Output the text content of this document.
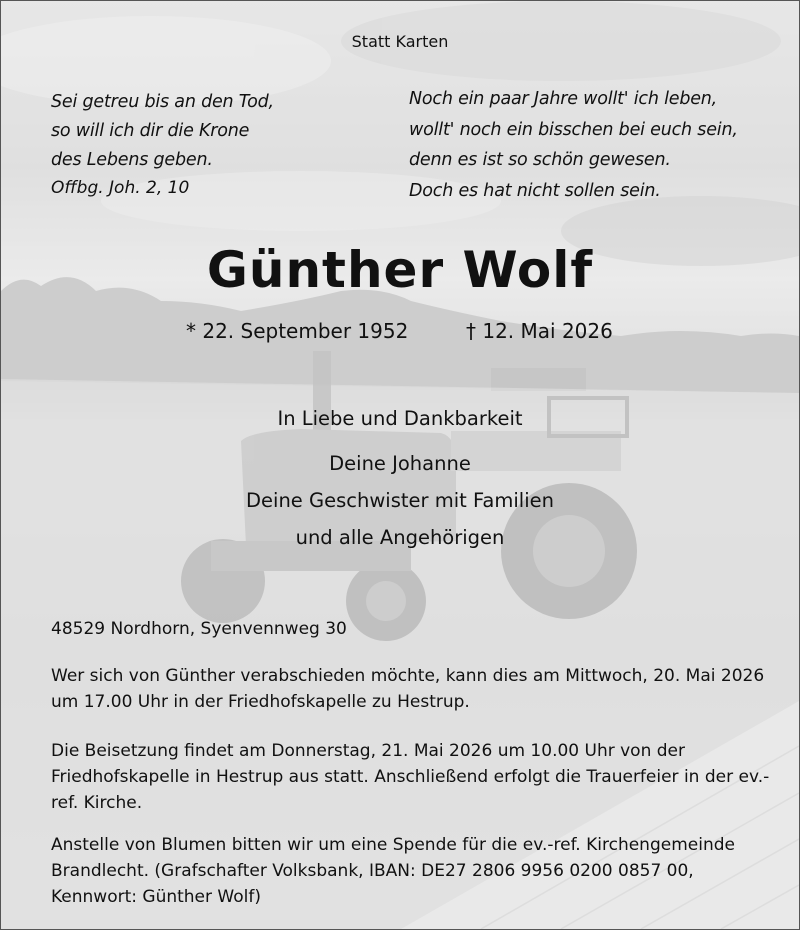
Statt Karten
Sei getreu bis an den Tod,
so will ich dir die Krone
des Lebens geben.
Offbg. Joh. 2, 10
Noch ein paar Jahre wollt' ich leben,
wollt' noch ein bisschen bei euch sein,
denn es ist so schön gewesen.
Doch es hat nicht sollen sein.
Günther Wolf
* 22. September 1952	† 12. Mai 2026
In Liebe und Dankbarkeit
Deine Johanne
Deine Geschwister mit Familien
und alle Angehörigen
48529 Nordhorn, Syenvennweg 30
Wer sich von Günther verabschieden möchte, kann dies am Mittwoch, 20. Mai 2026 um 17.00 Uhr in der Friedhofskapelle zu Hestrup.
Die Beisetzung findet am Donnerstag, 21. Mai 2026 um 10.00 Uhr von der Friedhofskapelle in Hestrup aus statt. Anschließend erfolgt die Trauerfeier in der ev.-ref. Kirche.
Anstelle von Blumen bitten wir um eine Spende für die ev.-ref. Kirchengemeinde Brandlecht. (Grafschafter Volksbank, IBAN: DE27 2806 9956 0200 0857 00, Kennwort: Günther Wolf)
